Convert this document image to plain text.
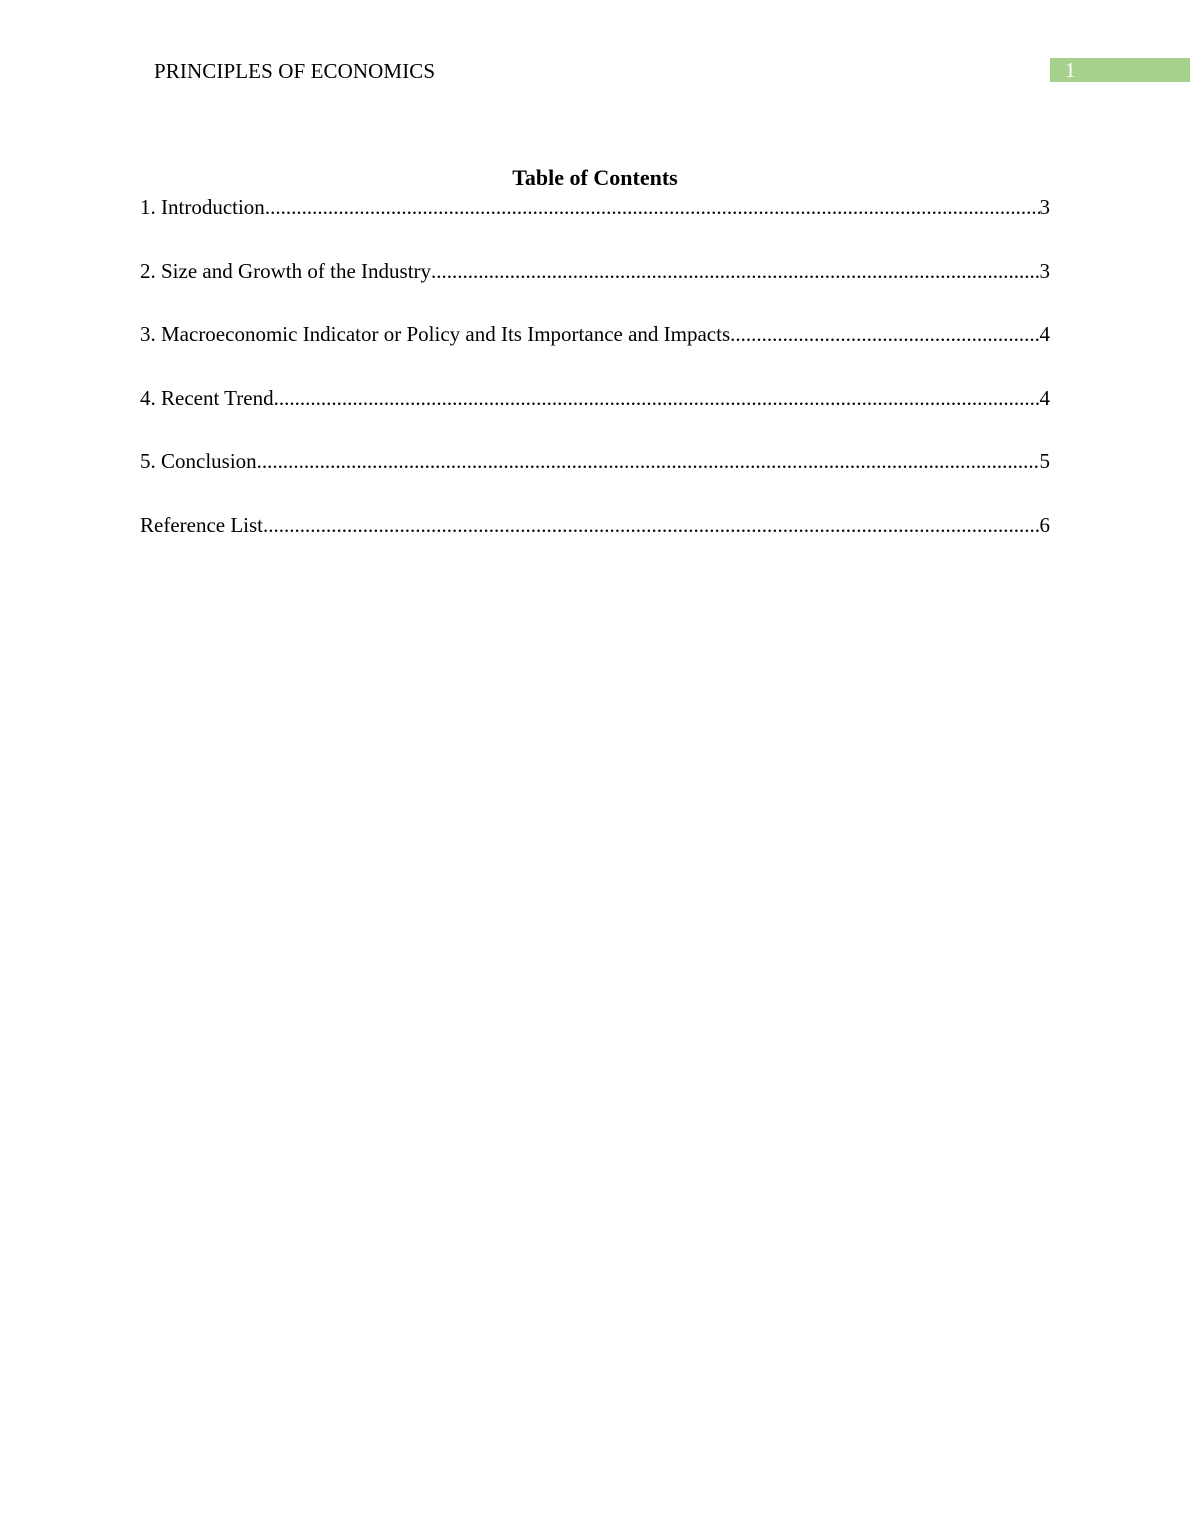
PRINCIPLES OF ECONOMICS	1
Table of Contents
1. Introduction .....	3
2. Size and Growth of the Industry .....	3
3. Macroeconomic Indicator or Policy and Its Importance and Impacts .....	4
4. Recent Trend .....	4
5. Conclusion .....	5
Reference List .....	6
